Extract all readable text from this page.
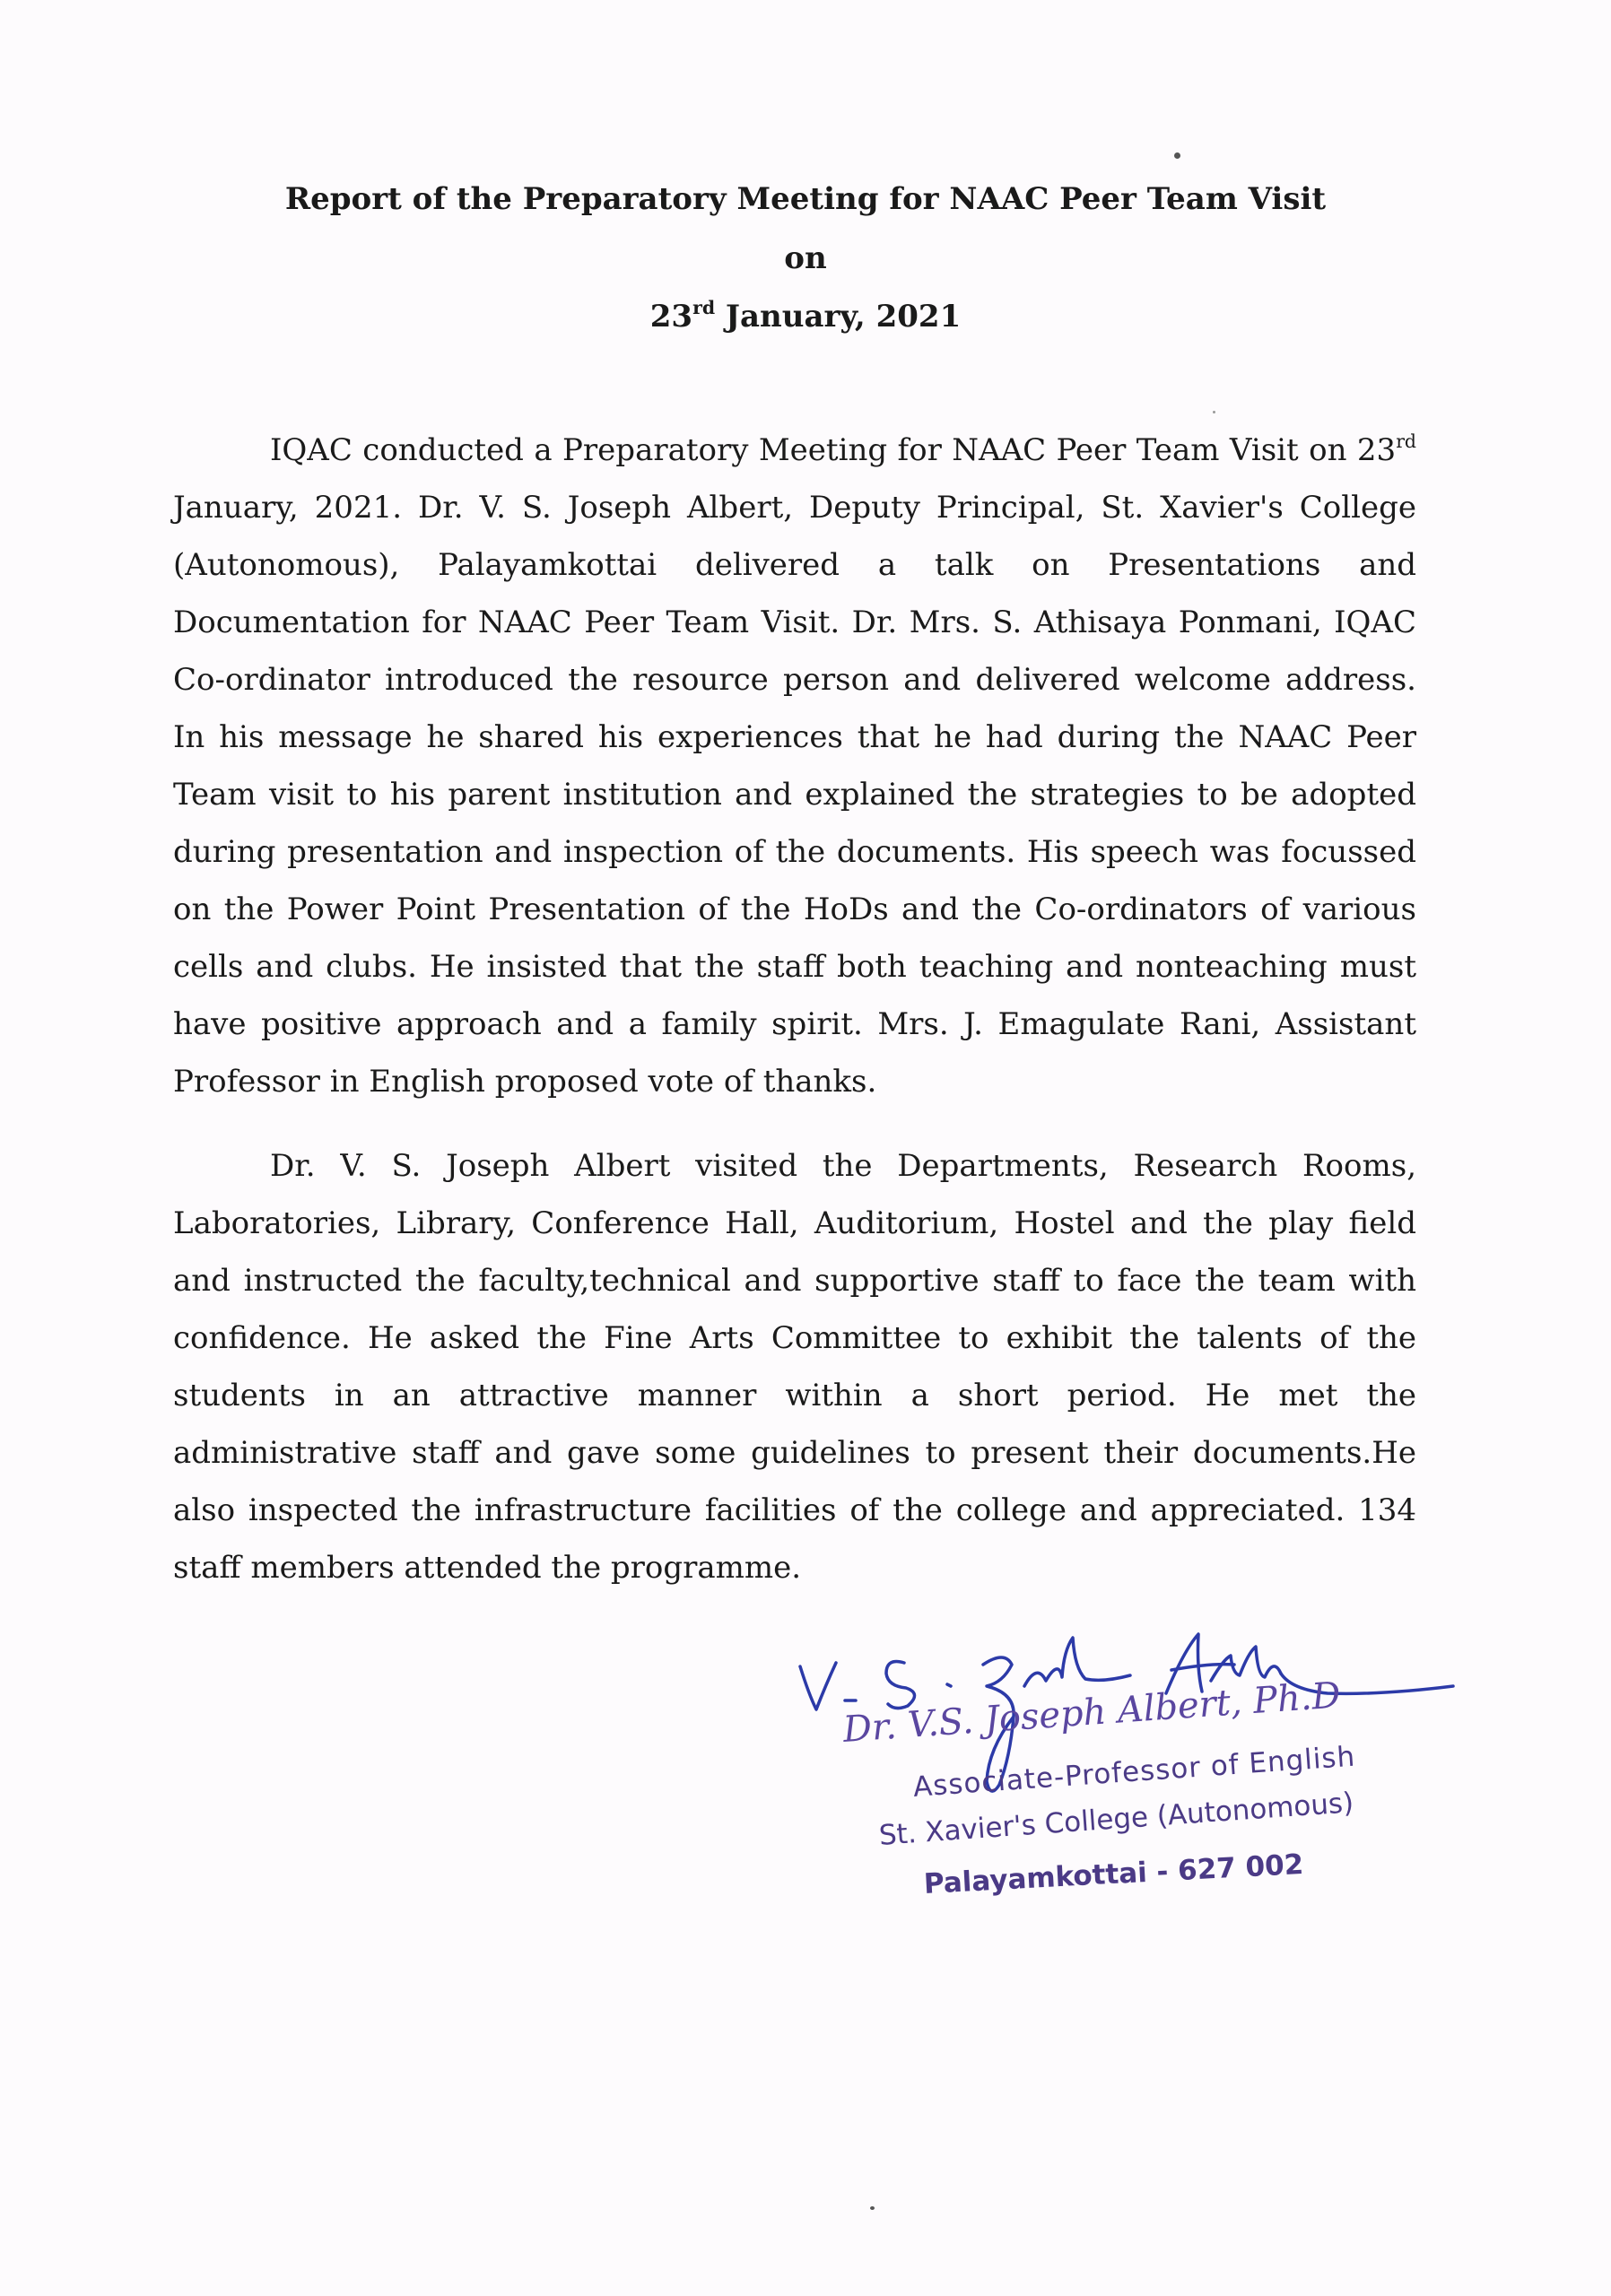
Report of the Preparatory Meeting for NAAC Peer Team Visit
on
23rd January, 2021

IQAC conducted a Preparatory Meeting for NAAC Peer Team Visit on 23rd January, 2021. Dr. V. S. Joseph Albert, Deputy Principal, St. Xavier's College (Autonomous), Palayamkottai delivered a talk on Presentations and Documentation for NAAC Peer Team Visit. Dr. Mrs. S. Athisaya Ponmani, IQAC Co-ordinator introduced the resource person and delivered welcome address. In his message he shared his experiences that he had during the NAAC Peer Team visit to his parent institution and explained the strategies to be adopted during presentation and inspection of the documents. His speech was focussed on the Power Point Presentation of the HoDs and the Co-ordinators of various cells and clubs. He insisted that the staff both teaching and nonteaching must have positive approach and a family spirit. Mrs. J. Emagulate Rani, Assistant Professor in English proposed vote of thanks.

Dr. V. S. Joseph Albert visited the Departments, Research Rooms, Laboratories, Library, Conference Hall, Auditorium, Hostel and the play field and instructed the faculty,technical and supportive staff to face the team with confidence. He asked the Fine Arts Committee to exhibit the talents of the students in an attractive manner within a short period. He met the administrative staff and gave some guidelines to present their documents.He also inspected the infrastructure facilities of the college and appreciated. 134 staff members attended the programme.

Dr. V.S. Joseph Albert, Ph.D
Associate-Professor of English
St. Xavier's College (Autonomous)
Palayamkottai - 627 002
